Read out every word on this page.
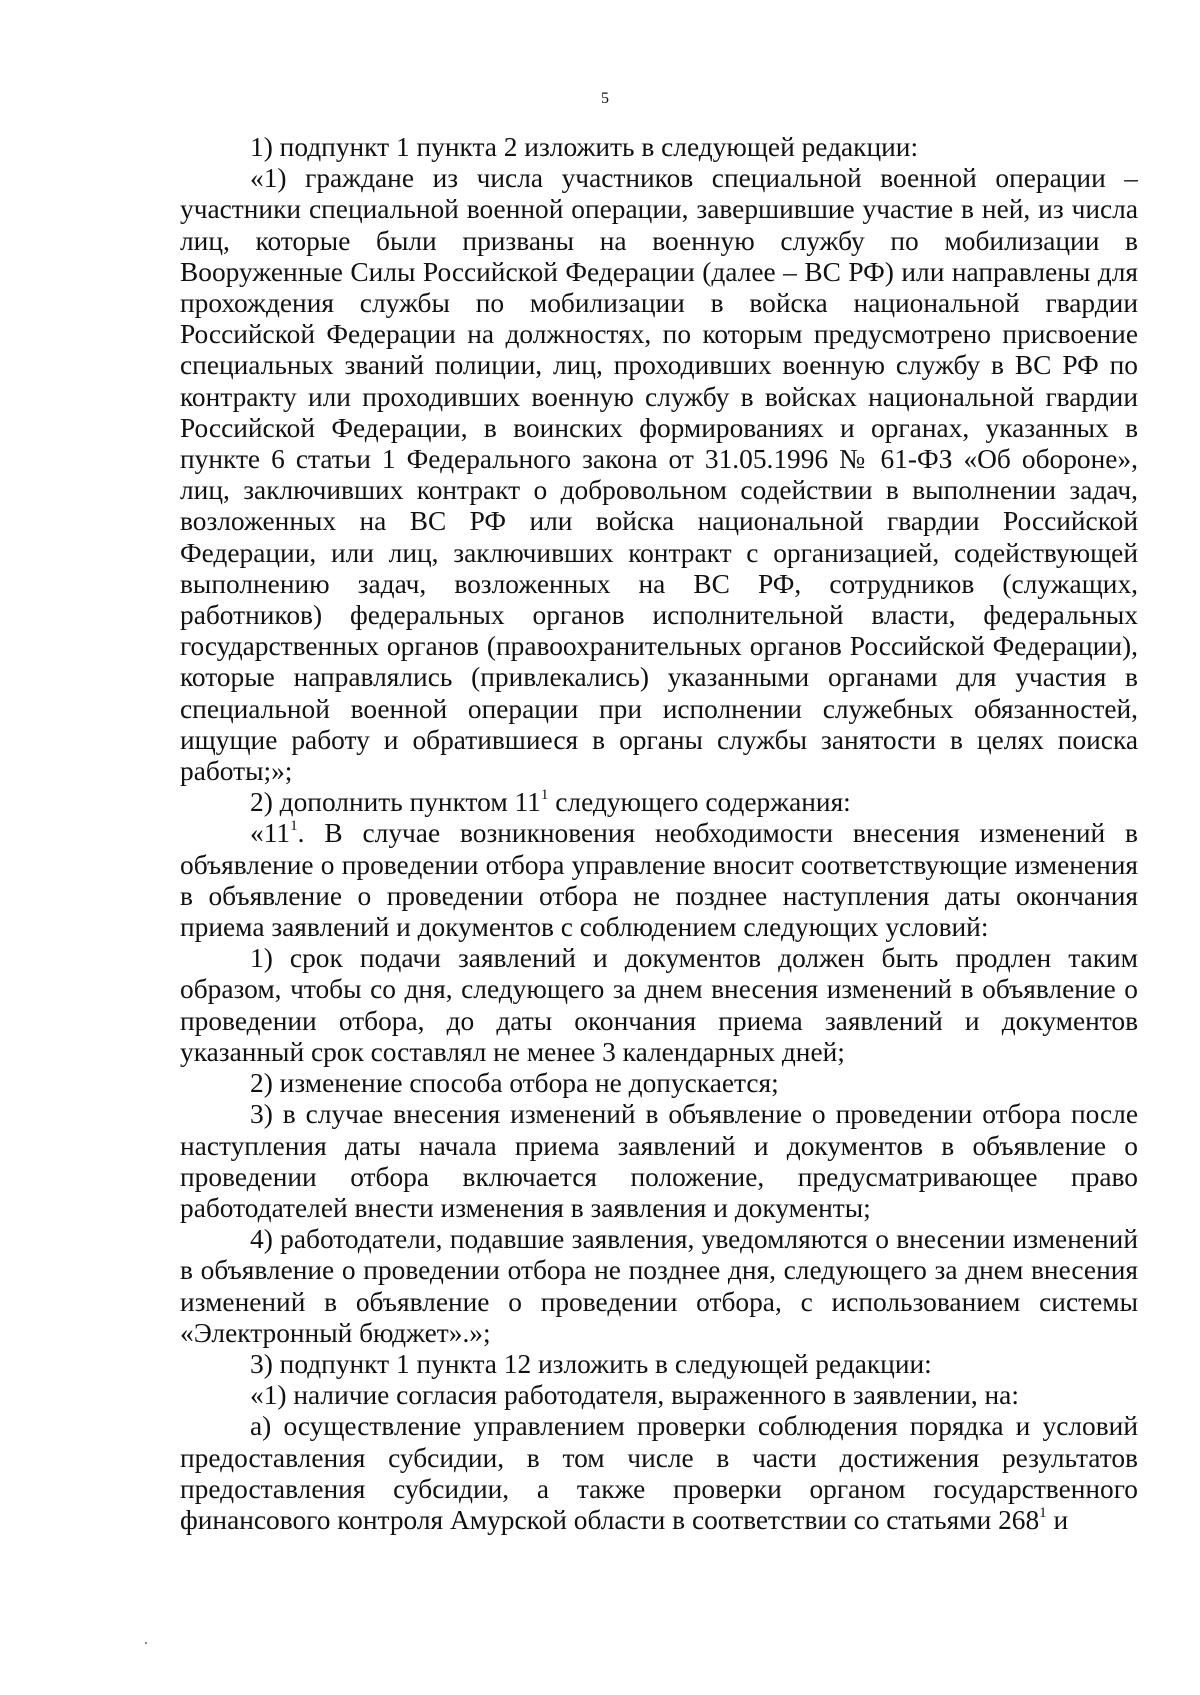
5

1) подпункт 1 пункта 2 изложить в следующей редакции:

«1) граждане из числа участников специальной военной операции – участники специальной военной операции, завершившие участие в ней, из числа лиц, которые были призваны на военную службу по мобилизации в Вооруженные Силы Российской Федерации (далее – ВС РФ) или направлены для прохождения службы по мобилизации в войска национальной гвардии Российской Федерации на должностях, по которым предусмотрено присвоение специальных званий полиции, лиц, проходивших военную службу в ВС РФ по контракту или проходивших военную службу в войсках национальной гвардии Российской Федерации, в воинских формированиях и органах, указанных в пункте 6 статьи 1 Федерального закона от 31.05.1996 № 61-ФЗ «Об обороне», лиц, заключивших контракт о добровольном содействии в выполнении задач, возложенных на ВС РФ или войска национальной гвардии Российской Федерации, или лиц, заключивших контракт с организацией, содействующей выполнению задач, возложенных на ВС РФ, сотрудников (служащих, работников) федеральных органов исполнительной власти, федеральных государственных органов (правоохранительных органов Российской Федерации), которые направлялись (привлекались) указанными органами для участия в специальной военной операции при исполнении служебных обязанностей, ищущие работу и обратившиеся в органы службы занятости в целях поиска работы;»;

2) дополнить пунктом $11^1$ следующего содержания:

«$11^1$. В случае возникновения необходимости внесения изменений в объявление о проведении отбора управление вносит соответствующие изменения в объявление о проведении отбора не позднее наступления даты окончания приема заявлений и документов с соблюдением следующих условий:

1) срок подачи заявлений и документов должен быть продлен таким образом, чтобы со дня, следующего за днем внесения изменений в объявление о проведении отбора, до даты окончания приема заявлений и документов указанный срок составлял не менее 3 календарных дней;

2) изменение способа отбора не допускается;

3) в случае внесения изменений в объявление о проведении отбора после наступления даты начала приема заявлений и документов в объявление о проведении отбора включается положение, предусматривающее право работодателей внести изменения в заявления и документы;

4) работодатели, подавшие заявления, уведомляются о внесении изменений в объявление о проведении отбора не позднее дня, следующего за днем внесения изменений в объявление о проведении отбора, с использованием системы «Электронный бюджет».»;

3) подпункт 1 пункта 12 изложить в следующей редакции:

«1) наличие согласия работодателя, выраженного в заявлении, на:

а) осуществление управлением проверки соблюдения порядка и условий предоставления субсидии, в том числе в части достижения результатов предоставления субсидии, а также проверки органом государственного финансового контроля Амурской области в соответствии со статьями $268^1$ и
